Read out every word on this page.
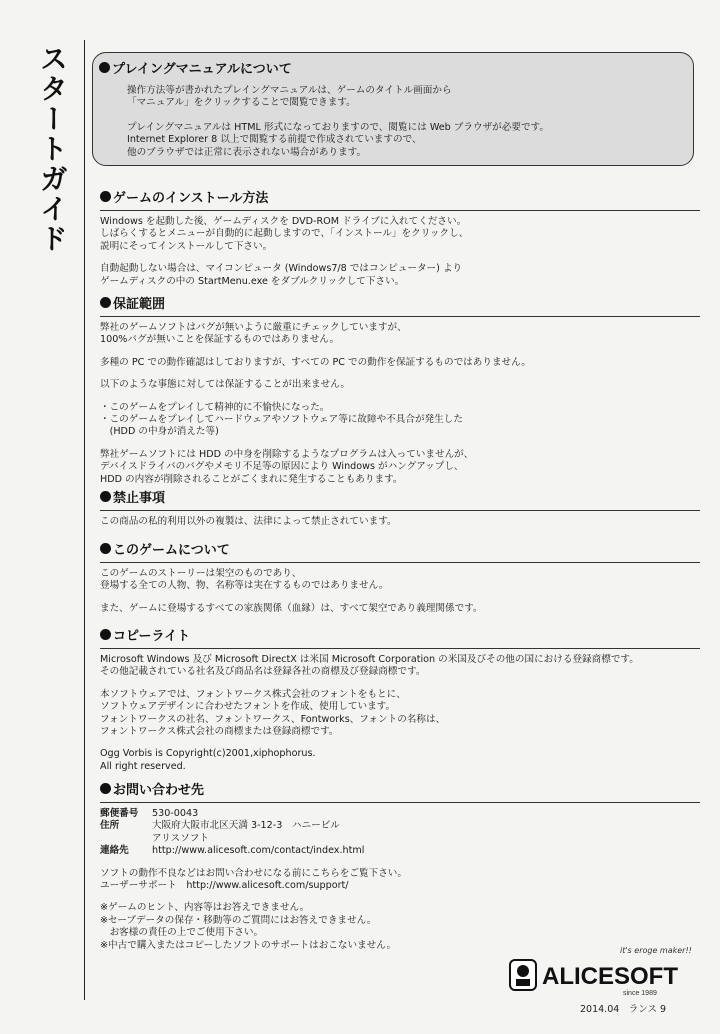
スタートガイド	プレイングマニュアルについて
操作方法等が書かれたプレイングマニュアルは、ゲームのタイトル画面から
「マニュアル」をクリックすることで閲覧できます。
プレイングマニュアルは HTML 形式になっておりますので、閲覧には Web ブラウザが必要です。
Internet Explorer 8 以上で閲覧する前提で作成されていますので、
他のブラウザでは正常に表示されない場合があります。
ゲームのインストール方法
Windows を起動した後、ゲームディスクを DVD-ROM ドライブに入れてください。
しばらくするとメニューが自動的に起動しますので、「インストール」をクリックし、
説明にそってインストールして下さい。
自動起動しない場合は、マイコンピュータ (Windows7/8 ではコンピューター) より
ゲームディスクの中の StartMenu.exe をダブルクリックして下さい。
保証範囲
弊社のゲームソフトはバグが無いように厳重にチェックしていますが、
100%バグが無いことを保証するものではありません。
多種の PC での動作確認はしておりますが、すべての PC での動作を保証するものではありません。
以下のような事態に対しては保証することが出来ません。
・このゲームをプレイして精神的に不愉快になった。
・このゲームをプレイしてハードウェアやソフトウェア等に故障や不具合が発生した
　(HDD の中身が消えた等)
弊社ゲームソフトには HDD の中身を削除するようなプログラムは入っていませんが、
デバイスドライバのバグやメモリ不足等の原因により Windows がハングアップし、
HDD の内容が削除されることがごくまれに発生することもあります。
禁止事項
この商品の私的利用以外の複製は、法律によって禁止されています。
このゲームについて
このゲームのストーリーは架空のものであり、
登場する全ての人物、物、名称等は実在するものではありません。
また、ゲームに登場するすべての家族関係（血縁）は、すべて架空であり義理関係です。
コピーライト
Microsoft Windows 及び Microsoft DirectX は米国 Microsoft Corporation の米国及びその他の国における登録商標です。
その他記載されている社名及び商品名は登録各社の商標及び登録商標です。
本ソフトウェアでは、フォントワークス株式会社のフォントをもとに、
ソフトウェアデザインに合わせたフォントを作成、使用しています。
フォントワークスの社名、フォントワークス、Fontworks、フォントの名称は、
フォントワークス株式会社の商標または登録商標です。
Ogg Vorbis is Copyright(c)2001,xiphophorus.
All right reserved.
お問い合わせ先
郵便番号	530-0043
住所	大阪府大阪市北区天満 3-12-3　ハニービル
アリスソフト
連絡先	http://www.alicesoft.com/contact/index.html
ソフトの動作不良などはお問い合わせになる前にこちらをご覧下さい。
ユーザーサポート　http://www.alicesoft.com/support/
※ゲームのヒント、内容等はお答えできません。
※セーブデータの保存・移動等のご質問にはお答えできません。
　お客様の責任の上でご使用下さい。
※中古で購入またはコピーしたソフトのサポートはおこないません。	it's eroge maker!!
ALICESOFT
since 1989
2014.04　ランス 9
